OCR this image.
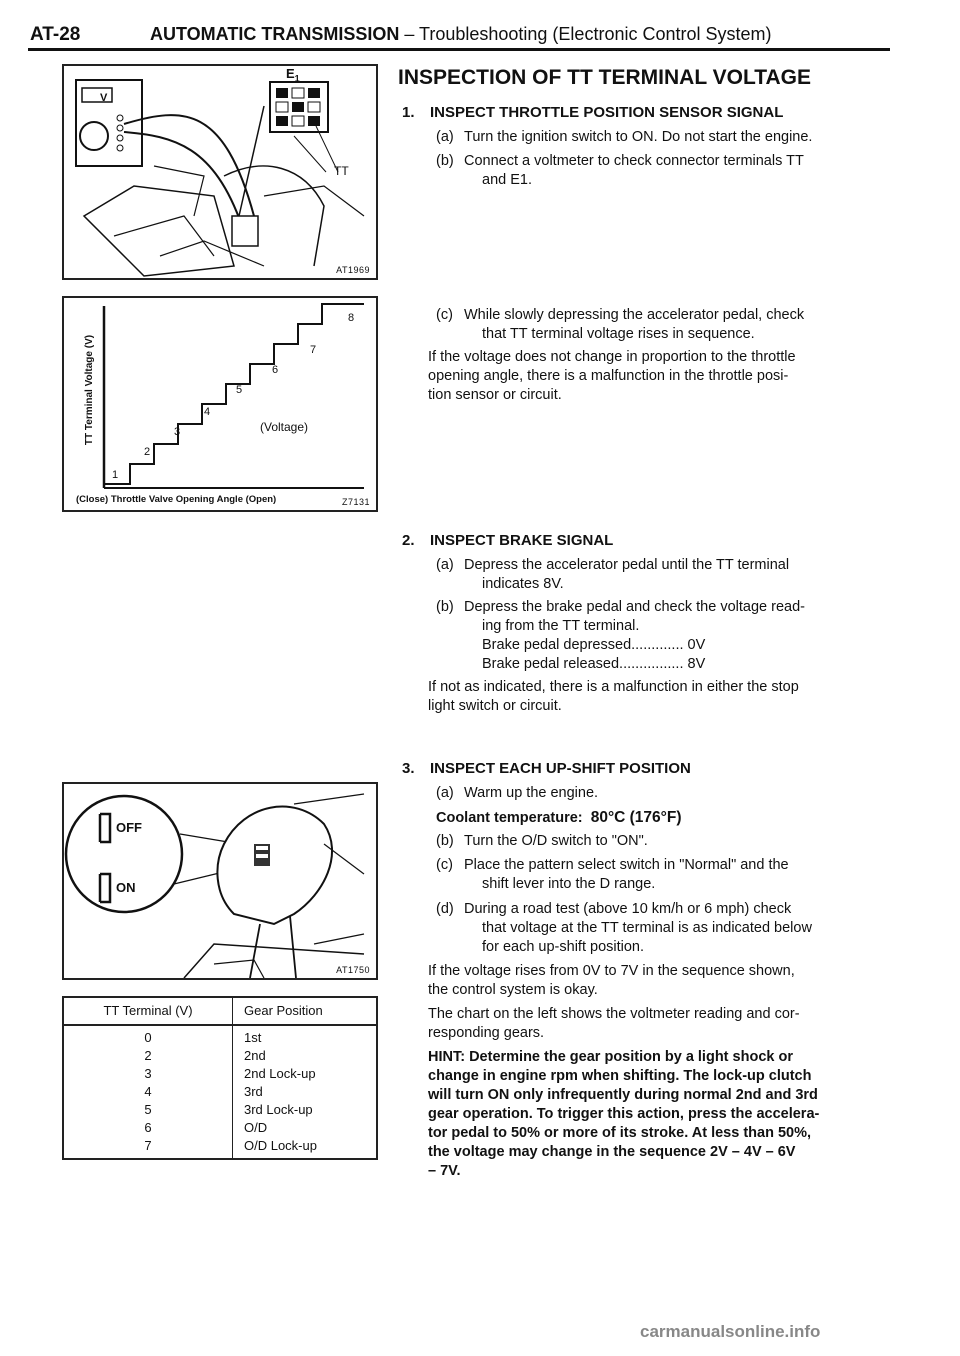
AT-28	AUTOMATIC TRANSMISSION – Troubleshooting (Electronic Control System)
V
$E_1$
TT
AT1969
TT Terminal Voltage (V)
1
2
3
4
5
6
7
8
(Voltage)
(Close) Throttle Valve Opening Angle (Open)	Z7131
OFF
ON
AT1750
TT Terminal (V)	Gear Position
0	1st
2	2nd
3	2nd Lock-up
4	3rd
5	3rd Lock-up
6	O/D
7	O/D Lock-up
INSPECTION OF TT TERMINAL VOLTAGE
1. INSPECT THROTTLE POSITION SENSOR SIGNAL
(a) Turn the ignition switch to ON. Do not start the engine.
(b) Connect a voltmeter to check connector terminals TT
and E1.
(c) While slowly depressing the accelerator pedal, check
that TT terminal voltage rises in sequence.
If the voltage does not change in proportion to the throttle
opening angle, there is a malfunction in the throttle posi-
tion sensor or circuit.
2. INSPECT BRAKE SIGNAL
(a) Depress the accelerator pedal until the TT terminal
indicates 8V.
(b) Depress the brake pedal and check the voltage read-
ing from the TT terminal.
Brake pedal depressed............. 0V
Brake pedal released................ 8V
If not as indicated, there is a malfunction in either the stop
light switch or circuit.
3. INSPECT EACH UP-SHIFT POSITION
(a) Warm up the engine.
Coolant temperature: 80°C (176°F)
(b) Turn the O/D switch to "ON".
(c) Place the pattern select switch in "Normal" and the
shift lever into the D range.
(d) During a road test (above 10 km/h or 6 mph) check
that voltage at the TT terminal is as indicated below
for each up-shift position.
If the voltage rises from 0V to 7V in the sequence shown,
the control system is okay.
The chart on the left shows the voltmeter reading and cor-
responding gears.
HINT: Determine the gear position by a light shock or
change in engine rpm when shifting. The lock-up clutch
will turn ON only infrequently during normal 2nd and 3rd
gear operation. To trigger this action, press the accelera-
tor pedal to 50% or more of its stroke. At less than 50%,
the voltage may change in the sequence 2V – 4V – 6V
– 7V.
carmanualsonline.info
